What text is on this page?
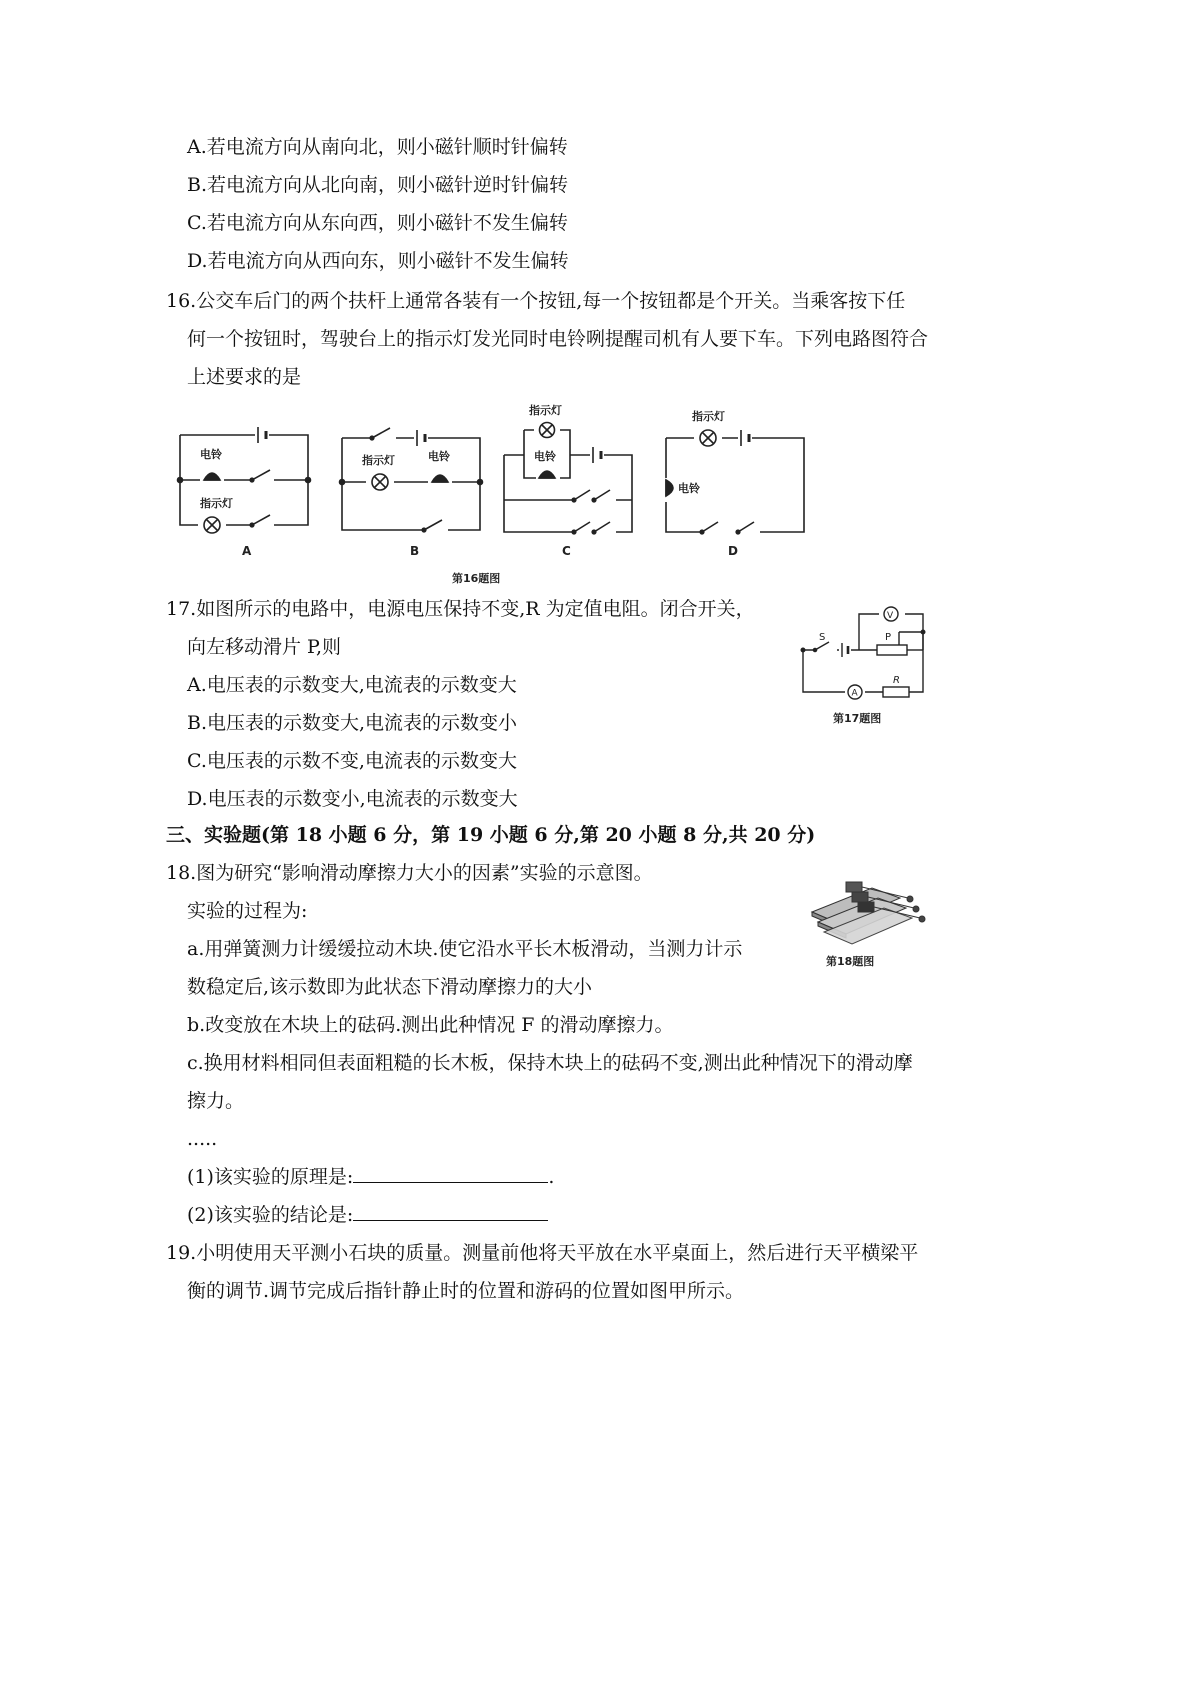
A.若电流方向从南向北，则小磁针顺时针偏转
B.若电流方向从北向南，则小磁针逆时针偏转
C.若电流方向从东向西，则小磁针不发生偏转
D.若电流方向从西向东，则小磁针不发生偏转
16.公交车后门的两个扶杆上通常各装有一个按钮,每一个按钮都是个开关。当乘客按下任
何一个按钮时，驾驶台上的指示灯发光同时电铃咧提醒司机有人要下车。下列电路图符合
上述要求的是
电铃
指示灯
A
指示灯	电铃
B
指示灯
电铃
C
指示灯
电铃
D
第16题图
17.如图所示的电路中，电源电压保持不变,R 为定值电阻。闭合开关，
向左移动滑片 P,则
A.电压表的示数变大,电流表的示数变大
B.电压表的示数变大,电流表的示数变小
C.电压表的示数不变,电流表的示数变大
D.电压表的示数变小,电流表的示数变大
V
S	P
A
R
第17题图
三、实验题(第 18 小题 6 分，第 19 小题 6 分,第 20 小题 8 分,共 20 分)
18.图为研究“影响滑动摩擦力大小的因素”实验的示意图。
实验的过程为:
a.用弹簧测力计缓缓拉动木块.使它沿水平长木板滑动，当测力计示
数稳定后,该示数即为此状态下滑动摩擦力的大小
b.改变放在木块上的砝码.测出此种情况 F 的滑动摩擦力。
c.换用材料相同但表面粗糙的长木板，保持木块上的砝码不变,测出此种情况下的滑动摩
擦力。
.....
(1)该实验的原理是:	.
(2)该实验的结论是:
第18题图
19.小明使用天平测小石块的质量。测量前他将天平放在水平桌面上，然后进行天平横梁平
衡的调节.调节完成后指针静止时的位置和游码的位置如图甲所示。
